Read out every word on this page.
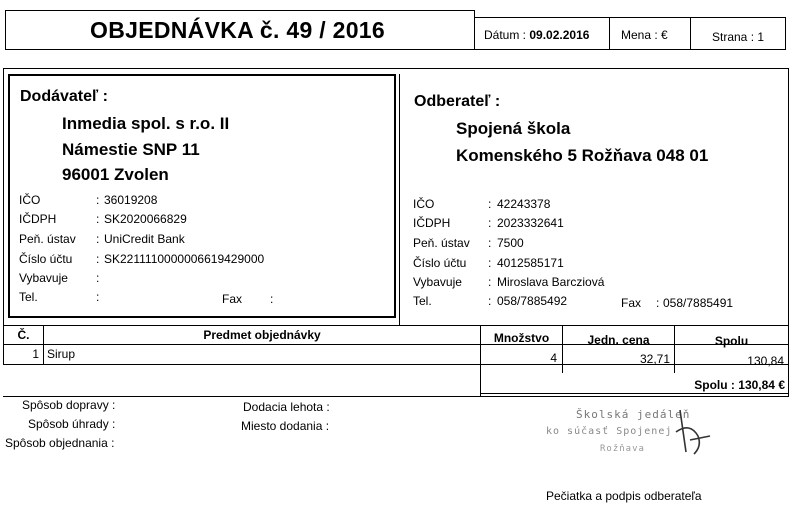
OBJEDNÁVKA č. 49 / 2016	Dátum : 09.02.2016	Mena : €	Strana : 1
Dodávateľ :
Inmedia spol. s r.o. II
Námestie SNP 11
96001 Zvolen
IČO	: 36019208
IČDPH	: SK2020066829
Peň. ústav : UniCredit Bank
Číslo účtu : SK2211110000006619429000
Vybavuje :
Tel.	:	Fax :
Odberateľ :
Spojená škola
Komenského 5 Rožňava 048 01
IČO	: 42243378
IČDPH	: 2023332641
Peň. ústav : 7500
Číslo účtu : 4012585171
Vybavuje : Miroslava Barcziová
Tel.	: 058/7885492	Fax : 058/7885491
Č.	Predmet objednávky	Množstvo	Jedn. cena	Spolu
1 Sirup	4	32,71	130,84
Spolu : 130,84 €
Spôsob dopravy :
Spôsob úhrady :
Spôsob objednania :
Dodacia lehota :
Miesto dodania :
Školská jedáleň
ko súčasť Spojenej
Rožňava
Pečiatka a podpis odberateľa
